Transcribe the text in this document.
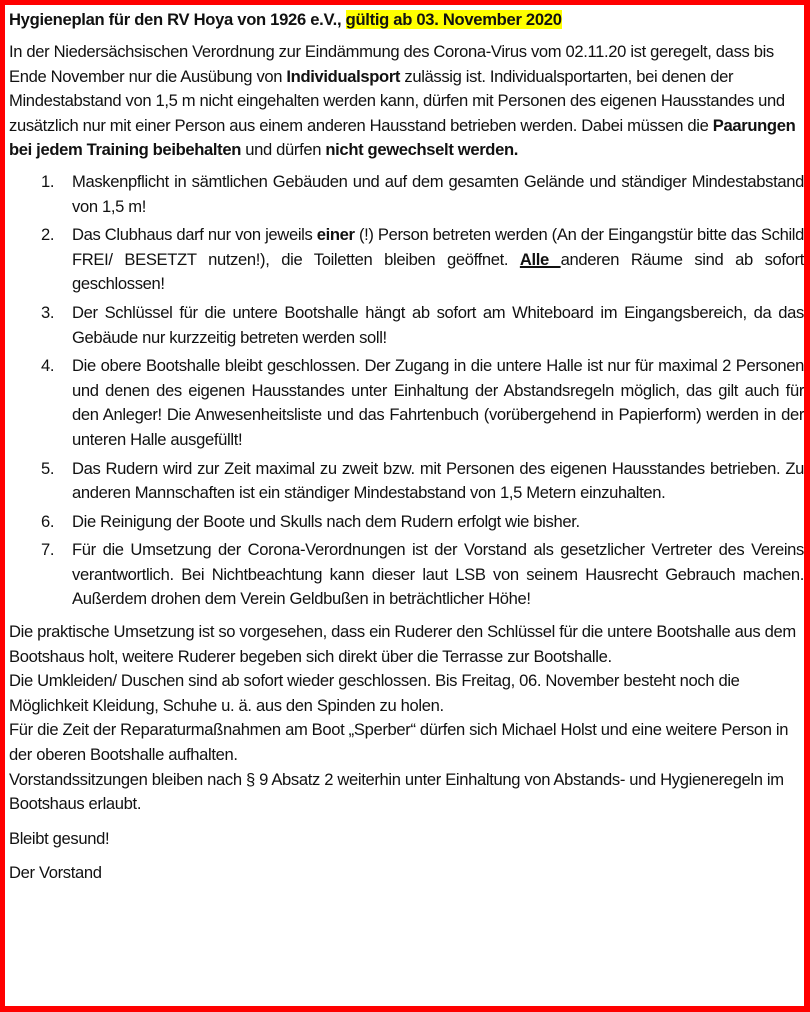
Hygieneplan für den RV Hoya von 1926 e.V., gültig ab 03. November 2020

In der Niedersächsischen Verordnung zur Eindämmung des Corona-Virus vom 02.11.20 ist geregelt, dass bis Ende November nur die Ausübung von Individualsport zulässig ist. Individualsportarten, bei denen der Mindestabstand von 1,5 m nicht eingehalten werden kann, dürfen mit Personen des eigenen Hausstandes und zusätzlich nur mit einer Person aus einem anderen Hausstand betrieben werden. Dabei müssen die Paarungen bei jedem Training beibehalten und dürfen nicht gewechselt werden.

1. Maskenpflicht in sämtlichen Gebäuden und auf dem gesamten Gelände und ständiger Mindestabstand von 1,5 m!
2. Das Clubhaus darf nur von jeweils einer (!) Person betreten werden (An der Eingangstür bitte das Schild FREI/ BESETZT nutzen!), die Toiletten bleiben geöffnet. Alle anderen Räume sind ab sofort geschlossen!
3. Der Schlüssel für die untere Bootshalle hängt ab sofort am Whiteboard im Eingangsbereich, da das Gebäude nur kurzzeitig betreten werden soll!
4. Die obere Bootshalle bleibt geschlossen. Der Zugang in die untere Halle ist nur für maximal 2 Personen und denen des eigenen Hausstandes unter Einhaltung der Abstandsregeln möglich, das gilt auch für den Anleger! Die Anwesenheitsliste und das Fahrtenbuch (vorübergehend in Papierform) werden in der unteren Halle ausgefüllt!
5. Das Rudern wird zur Zeit maximal zu zweit bzw. mit Personen des eigenen Hausstandes betrieben. Zu anderen Mannschaften ist ein ständiger Mindestabstand von 1,5 Metern einzuhalten.
6. Die Reinigung der Boote und Skulls nach dem Rudern erfolgt wie bisher.
7. Für die Umsetzung der Corona-Verordnungen ist der Vorstand als gesetzlicher Vertreter des Vereins verantwortlich. Bei Nichtbeachtung kann dieser laut LSB von seinem Hausrecht Gebrauch machen. Außerdem drohen dem Verein Geldbußen in beträchtlicher Höhe!

Die praktische Umsetzung ist so vorgesehen, dass ein Ruderer den Schlüssel für die untere Bootshalle aus dem Bootshaus holt, weitere Ruderer begeben sich direkt über die Terrasse zur Bootshalle.

Die Umkleiden/ Duschen sind ab sofort wieder geschlossen. Bis Freitag, 06. November besteht noch die Möglichkeit Kleidung, Schuhe u. ä. aus den Spinden zu holen.

Für die Zeit der Reparaturmaßnahmen am Boot „Sperber“ dürfen sich Michael Holst und eine weitere Person in der oberen Bootshalle aufhalten.

Vorstandssitzungen bleiben nach § 9 Absatz 2 weiterhin unter Einhaltung von Abstands- und Hygieneregeln im Bootshaus erlaubt.

Bleibt gesund!

Der Vorstand
